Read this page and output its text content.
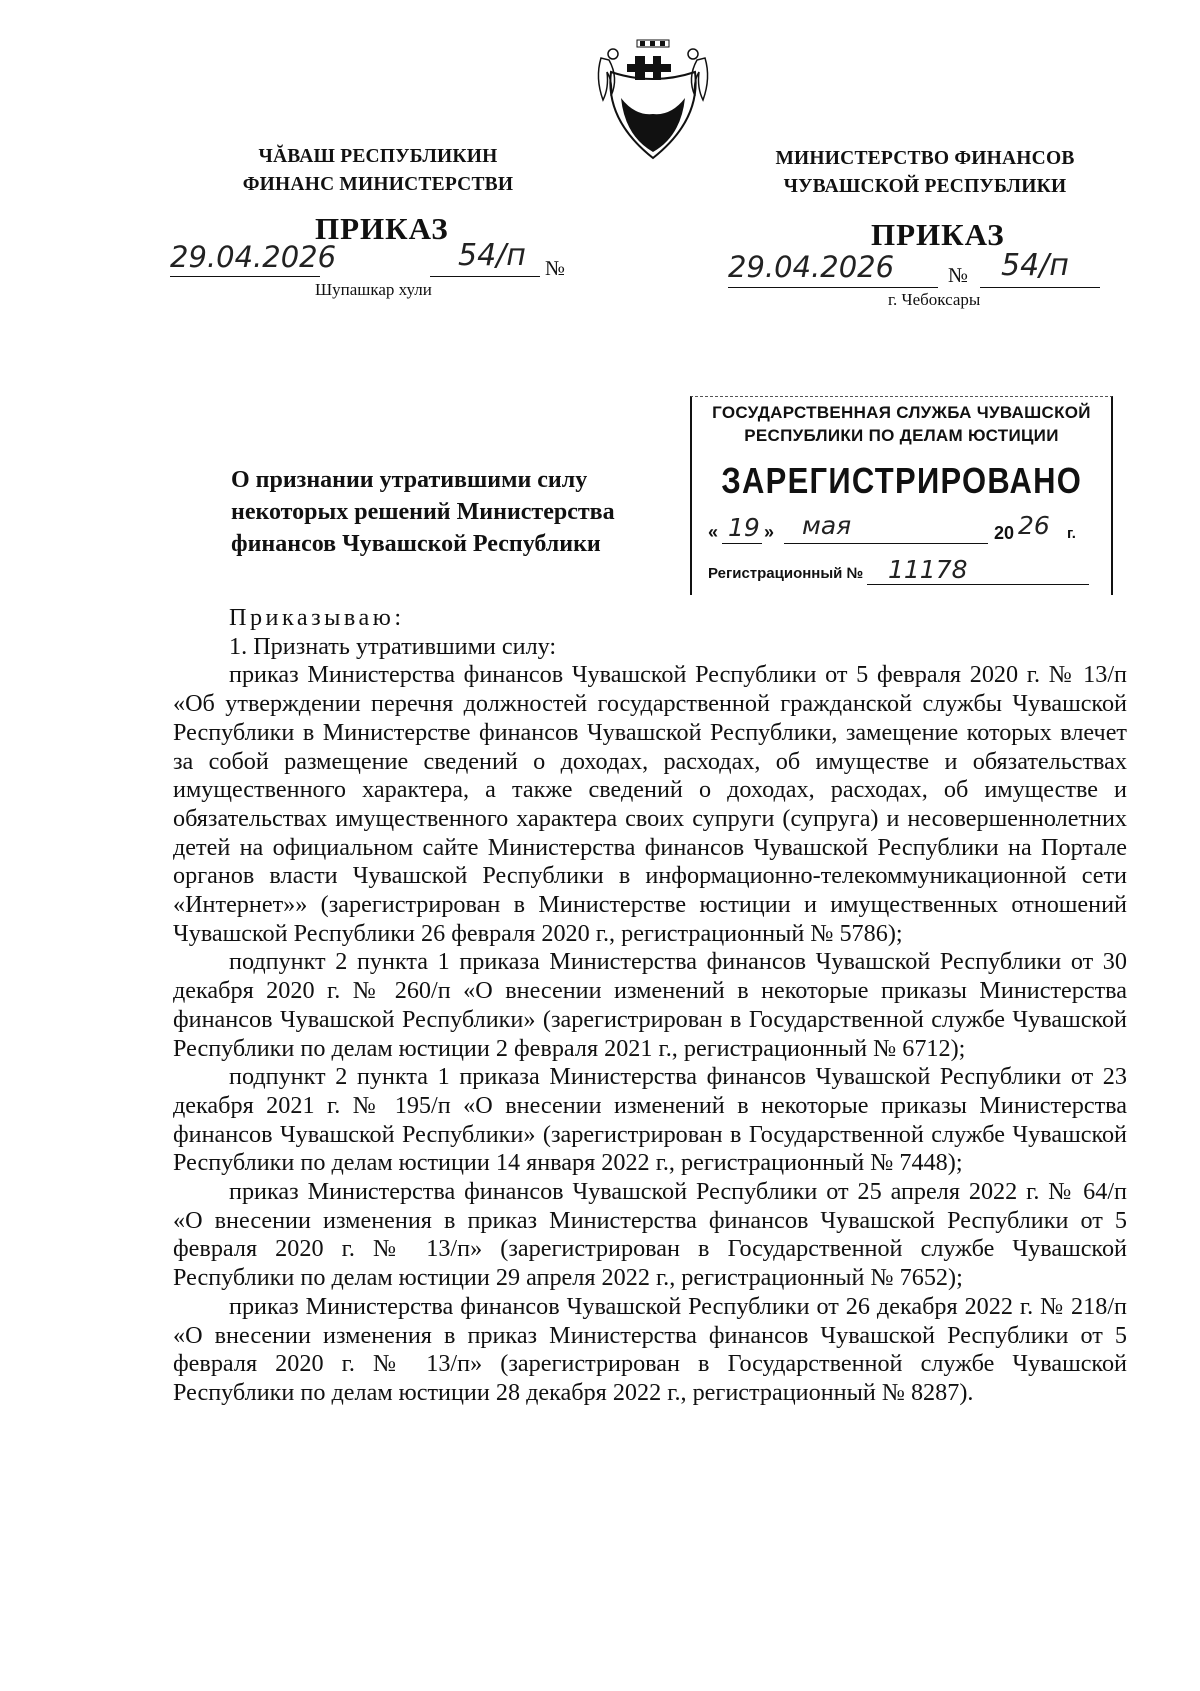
ЧĂВАШ РЕСПУБЛИКИН
ФИНАНС МИНИСТЕРСТВИ
МИНИСТЕРСТВО ФИНАНСОВ
ЧУВАШСКОЙ РЕСПУБЛИКИ
ПРИКАЗ	ПРИКАЗ
29.04.2026	54/п №
Шупашкар хули
29.04.2026	№ 54/п
г. Чебоксары
ГОСУДАРСТВЕННАЯ СЛУЖБА ЧУВАШСКОЙ
РЕСПУБЛИКИ ПО ДЕЛАМ ЮСТИЦИИ
ЗАРЕГИСТРИРОВАНО
« 19 » мая	20 26 г.
Регистрационный № 11178
О признании утратившими силу
некоторых решений Министерства
финансов Чувашской Республики

Приказываю:

1. Признать утратившими силу:

приказ Министерства финансов Чувашской Республики от 5 февраля 2020 г. № 13/п «Об утверждении перечня должностей государственной гражданской службы Чувашской Республики в Министерстве финансов Чувашской Республики, замещение которых влечет за собой размещение сведений о доходах, расходах, об имуществе и обязательствах имущественного характера, а также сведений о доходах, расходах, об имуществе и обязательствах имущественного характера своих супруги (супруга) и несовершеннолетних детей на официальном сайте Министерства финансов Чувашской Республики на Портале органов власти Чувашской Республики в информационно-телекоммуникационной сети «Интернет»» (зарегистрирован в Министерстве юстиции и имущественных отношений Чувашской Республики 26 февраля 2020 г., регистрационный № 5786);

подпункт 2 пункта 1 приказа Министерства финансов Чувашской Республики от 30 декабря 2020 г. № 260/п «О внесении изменений в некоторые приказы Министерства финансов Чувашской Республики» (зарегистрирован в Государственной службе Чувашской Республики по делам юстиции 2 февраля 2021 г., регистрационный № 6712);

подпункт 2 пункта 1 приказа Министерства финансов Чувашской Республики от 23 декабря 2021 г. № 195/п «О внесении изменений в некоторые приказы Министерства финансов Чувашской Республики» (зарегистрирован в Государственной службе Чувашской Республики по делам юстиции 14 января 2022 г., регистрационный № 7448);

приказ Министерства финансов Чувашской Республики от 25 апреля 2022 г. № 64/п «О внесении изменения в приказ Министерства финансов Чувашской Республики от 5 февраля 2020 г. № 13/п» (зарегистрирован в Государственной службе Чувашской Республики по делам юстиции 29 апреля 2022 г., регистрационный № 7652);

приказ Министерства финансов Чувашской Республики от 26 декабря 2022 г. № 218/п «О внесении изменения в приказ Министерства финансов Чувашской Республики от 5 февраля 2020 г. № 13/п» (зарегистрирован в Государственной службе Чувашской Республики по делам юстиции 28 декабря 2022 г., регистрационный № 8287).
